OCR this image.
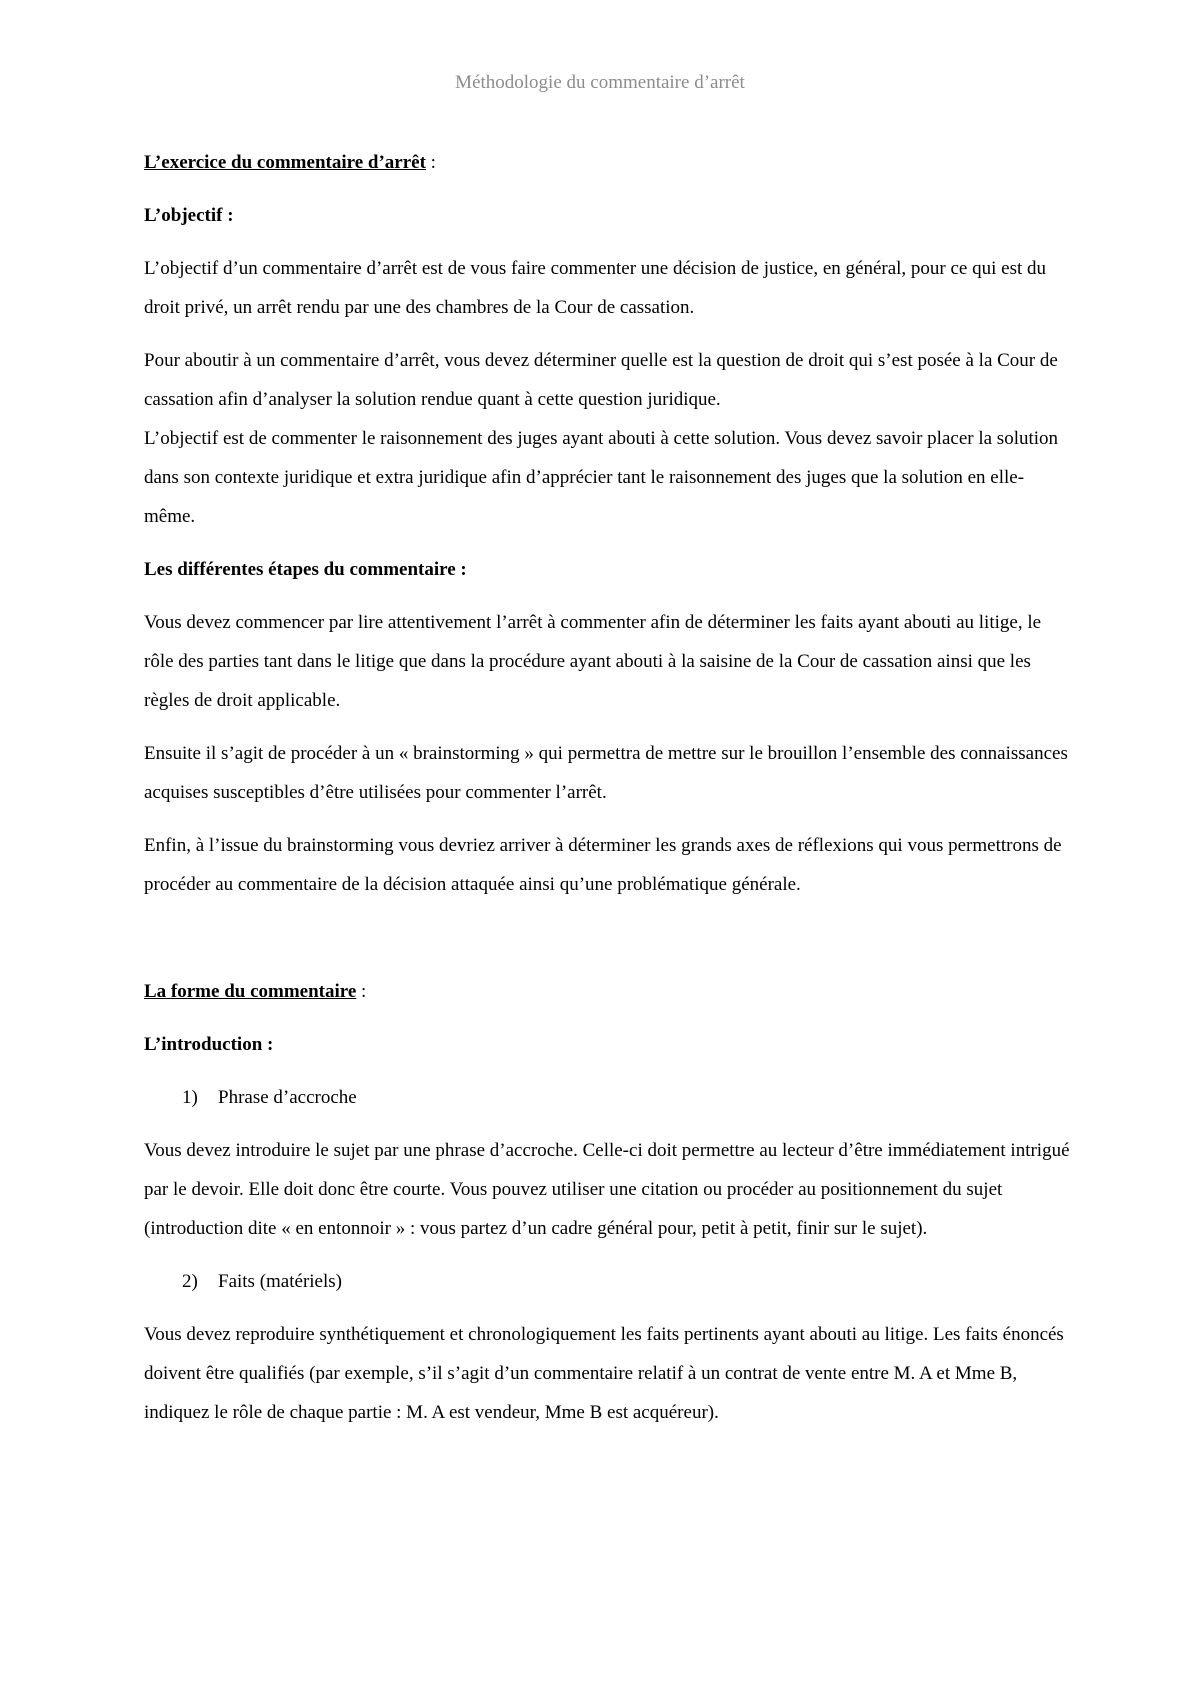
Méthodologie du commentaire d’arrêt

L’exercice du commentaire d’arrêt :

L’objectif :

L’objectif d’un commentaire d’arrêt est de vous faire commenter une décision de justice, en général, pour ce qui est du droit privé, un arrêt rendu par une des chambres de la Cour de cassation.

Pour aboutir à un commentaire d’arrêt, vous devez déterminer quelle est la question de droit qui s’est posée à la Cour de cassation afin d’analyser la solution rendue quant à cette question juridique.

L’objectif est de commenter le raisonnement des juges ayant abouti à cette solution. Vous devez savoir placer la solution dans son contexte juridique et extra juridique afin d’apprécier tant le raisonnement des juges que la solution en elle-même.

Les différentes étapes du commentaire :

Vous devez commencer par lire attentivement l’arrêt à commenter afin de déterminer les faits ayant abouti au litige, le rôle des parties tant dans le litige que dans la procédure ayant abouti à la saisine de la Cour de cassation ainsi que les règles de droit applicable.

Ensuite il s’agit de procéder à un « brainstorming » qui permettra de mettre sur le brouillon l’ensemble des connaissances acquises susceptibles d’être utilisées pour commenter l’arrêt.

Enfin, à l’issue du brainstorming vous devriez arriver à déterminer les grands axes de réflexions qui vous permettrons de procéder au commentaire de la décision attaquée ainsi qu’une problématique générale.

La forme du commentaire :

L’introduction :

1) Phrase d’accroche

Vous devez introduire le sujet par une phrase d’accroche. Celle-ci doit permettre au lecteur d’être immédiatement intrigué par le devoir. Elle doit donc être courte. Vous pouvez utiliser une citation ou procéder au positionnement du sujet (introduction dite « en entonnoir » : vous partez d’un cadre général pour, petit à petit, finir sur le sujet).

2) Faits (matériels)

Vous devez reproduire synthétiquement et chronologiquement les faits pertinents ayant abouti au litige. Les faits énoncés doivent être qualifiés (par exemple, s’il s’agit d’un commentaire relatif à un contrat de vente entre M. A et Mme B, indiquez le rôle de chaque partie : M. A est vendeur, Mme B est acquéreur).
